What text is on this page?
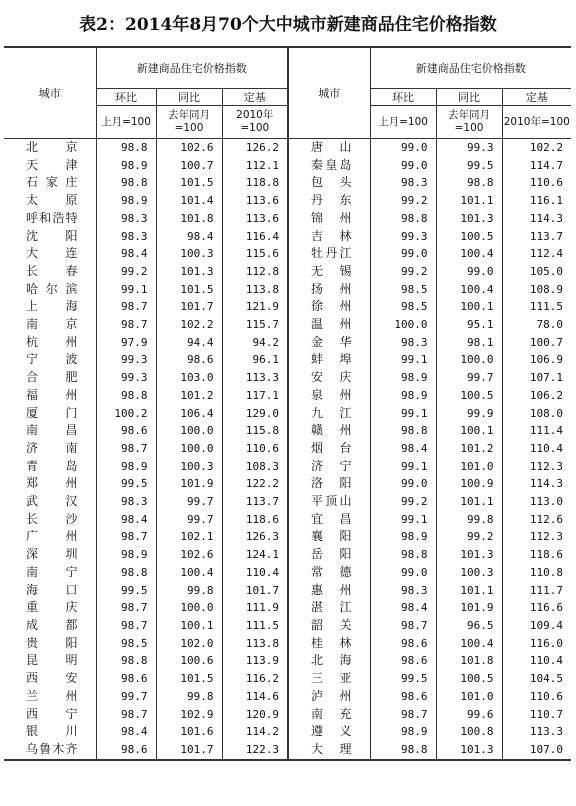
表2：2014年8月70个大中城市新建商品住宅价格指数
城市	新建商品住宅价格指数			城市	新建商品住宅价格指数		
	环比	同比	定基		环比	同比	定基
	上月=100	去年同月=100	2010年=100		上月=100	去年同月=100	2010年=100
北京	98.8	102.6	126.2	唐山	99.0	99.3	102.2
天津	98.9	100.7	112.1	秦皇岛	99.0	99.5	114.7
石家庄	98.8	101.5	118.8	包头	98.3	98.8	110.6
太原	98.9	101.4	113.6	丹东	99.2	101.1	116.1
呼和浩特	98.3	101.8	113.6	锦州	98.8	101.3	114.3
沈阳	98.3	98.4	116.4	吉林	99.3	100.5	113.7
大连	98.4	100.3	115.6	牡丹江	99.0	100.4	112.4
长春	99.2	101.3	112.8	无锡	99.2	99.0	105.0
哈尔滨	99.1	101.5	113.8	扬州	98.5	100.4	108.9
上海	98.7	101.7	121.9	徐州	98.5	100.1	111.5
南京	98.7	102.2	115.7	温州	100.0	95.1	78.0
杭州	97.9	94.4	94.2	金华	98.3	98.1	100.7
宁波	99.3	98.6	96.1	蚌埠	99.1	100.0	106.9
合肥	99.3	103.0	113.3	安庆	98.9	99.7	107.1
福州	98.8	101.2	117.1	泉州	98.9	100.5	106.2
厦门	100.2	106.4	129.0	九江	99.1	99.9	108.0
南昌	98.6	100.0	115.8	赣州	98.8	100.1	111.4
济南	98.7	100.0	110.6	烟台	98.4	101.2	110.4
青岛	98.9	100.3	108.3	济宁	99.1	101.0	112.3
郑州	99.5	101.9	122.2	洛阳	99.0	100.9	114.3
武汉	98.3	99.7	113.7	平顶山	99.2	101.1	113.0
长沙	98.4	99.7	118.6	宜昌	99.1	99.8	112.6
广州	98.7	102.1	126.3	襄阳	98.9	99.2	112.3
深圳	98.9	102.6	124.1	岳阳	98.8	101.3	118.6
南宁	98.8	100.4	110.4	常德	99.0	100.3	110.8
海口	99.5	99.8	101.7	惠州	98.3	101.1	111.7
重庆	98.7	100.0	111.9	湛江	98.4	101.9	116.6
成都	98.7	100.1	111.5	韶关	98.7	96.5	109.4
贵阳	98.5	102.0	113.8	桂林	98.6	100.4	116.0
昆明	98.8	100.6	113.9	北海	98.6	101.8	110.4
西安	98.6	101.5	116.2	三亚	99.5	100.5	104.5
兰州	99.7	99.8	114.6	泸州	98.6	101.0	110.6
西宁	98.7	102.9	120.9	南充	98.7	99.6	110.7
银川	98.4	101.6	114.2	遵义	98.9	100.8	113.3
乌鲁木齐	98.6	101.7	122.3	大理	98.8	101.3	107.0
